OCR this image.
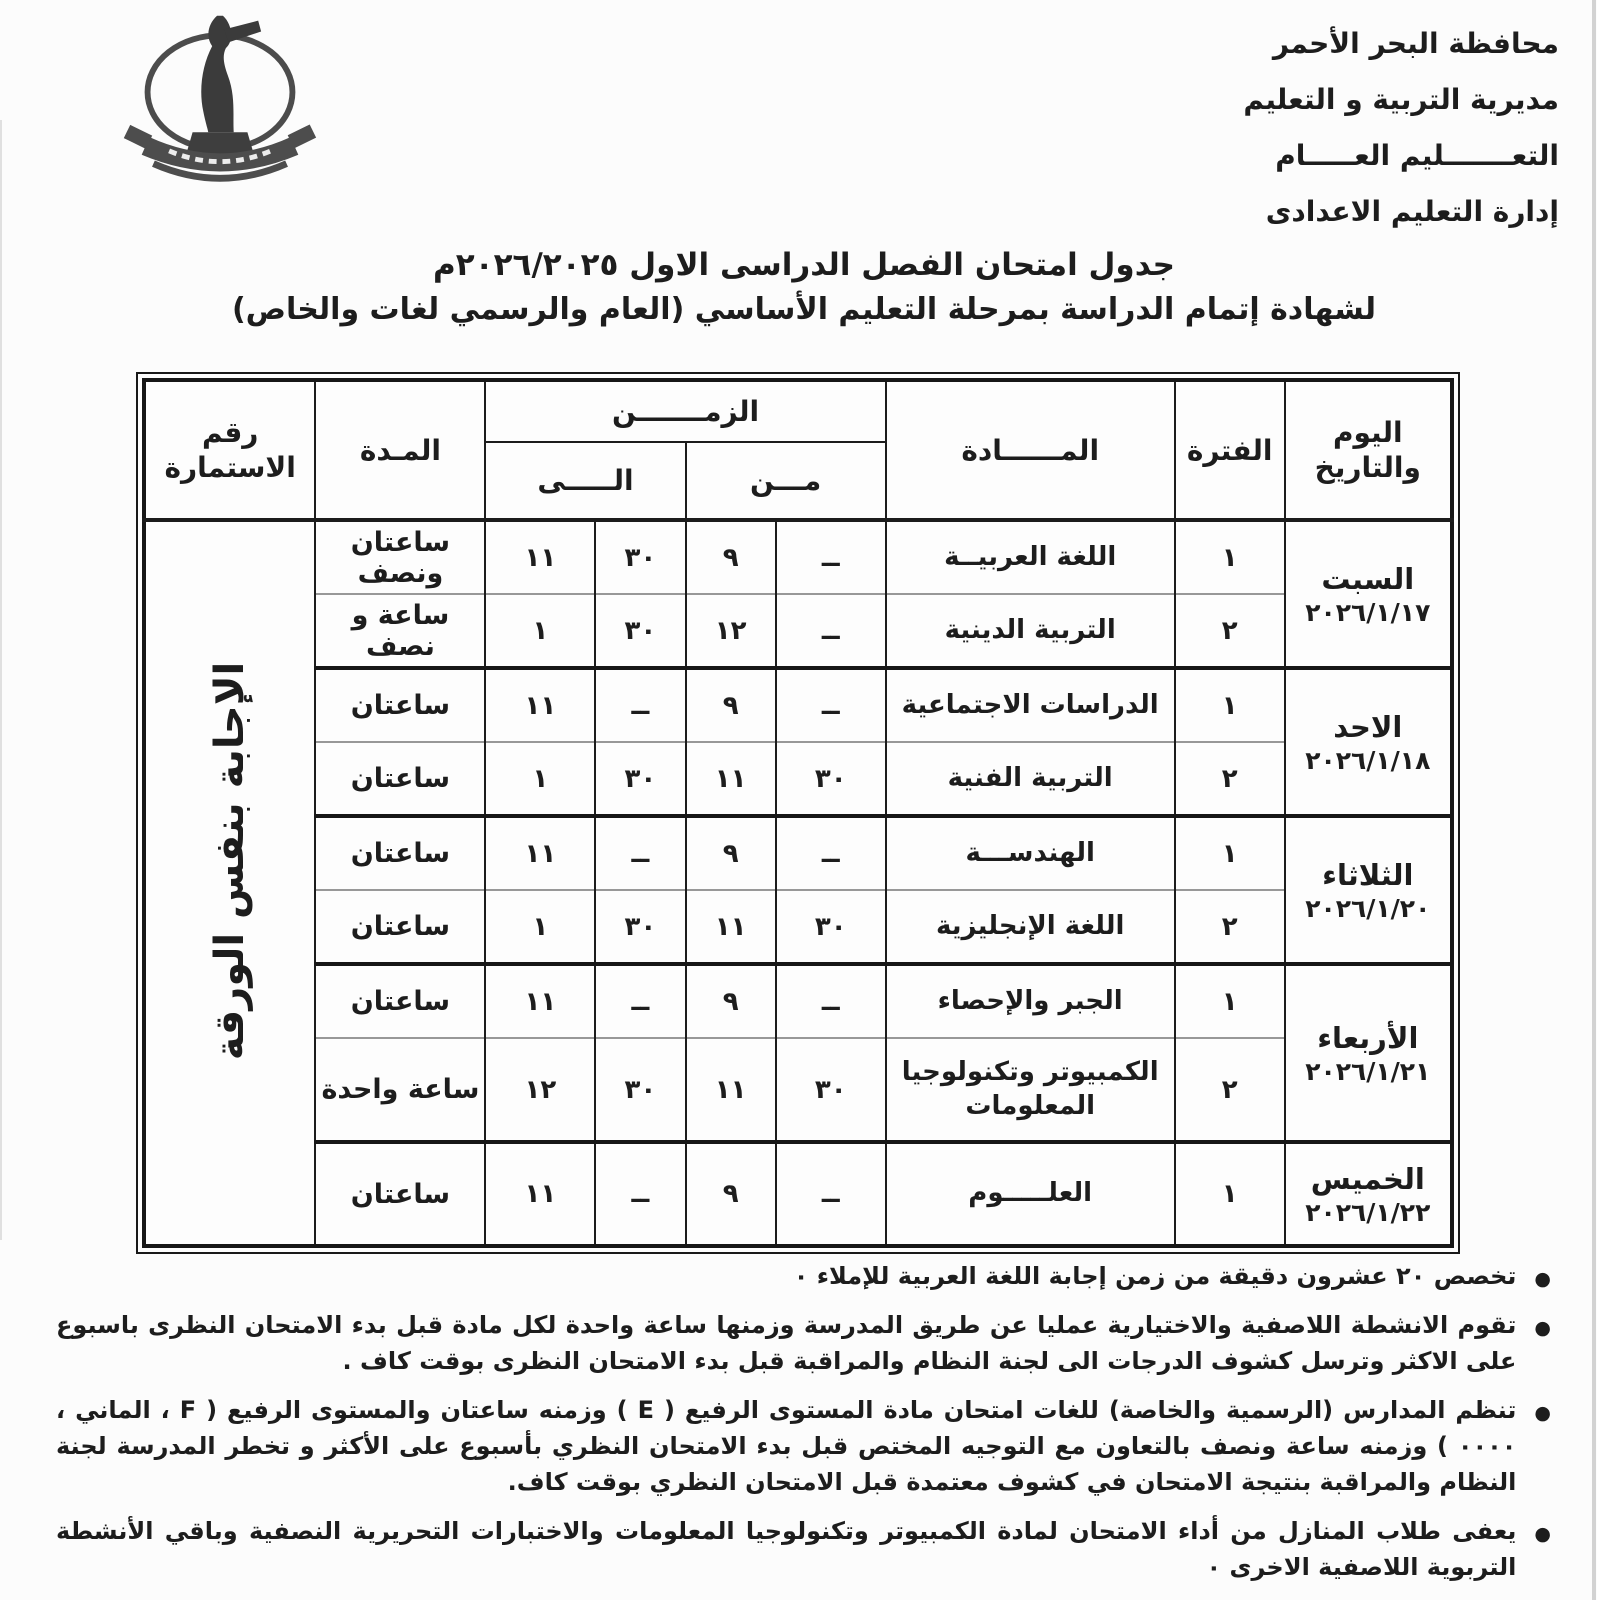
محافظة البحر الأحمر
مديرية التربية و التعليم
التعـــــــليم العـــــام
إدارة التعليم الاعدادى

جدول امتحان الفصل الدراسى الاول ٢٠٢٦/٢٠٢٥م

لشهادة إتمام الدراسة بمرحلة التعليم الأساسي (العام والرسمي لغات والخاص)

اليوم
والتاريخ
	الفترة	المــــــادة	الزمـــــــن	المـدة	
رقم
الاستمارة

			مـــن		الـــــى			

السبت
٢٠٢٦/١/١٧	١	اللغة العربيــة	ــ	٩	٣٠	١١	ساعتان ونصف	الإجابة بنفس الورقة

	٢	التربية الدينية	ــ	١٢	٣٠	١	ساعة و نصف	

الاحد
٢٠٢٦/١/١٨	١	الدراسات الاجتماعية	ــ	٩	ــ	١١	ساعتان	
	٢	التربية الفنية	٣٠	١١	٣٠	١	ساعتان	

الثلاثاء
٢٠٢٦/١/٢٠	١	الهندســـة	ــ	٩	ــ	١١	ساعتان	
	٢	اللغة الإنجليزية	٣٠	١١	٣٠	١	ساعتان	

الأربعاء
٢٠٢٦/١/٢١	١	الجبر والإحصاء	ــ	٩	ــ	١١	ساعتان	
	٢	الكمبيوتر وتكنولوجيا المعلومات	٣٠	١١	٣٠	١٢	ساعة واحدة	

الخميس
٢٠٢٦/١/٢٢	١	العلـــــوم	ــ	٩	ــ	١١	ساعتان	
●

تخصص ٢٠ عشرون دقيقة من زمن إجابة اللغة العربية للإملاء ٠

●

تقوم الانشطة اللاصفية والاختيارية عمليا عن طريق المدرسة وزمنها ساعة واحدة لكل مادة قبل بدء الامتحان النظرى باسبوع على الاكثر وترسل كشوف الدرجات الى لجنة النظام والمراقبة قبل بدء الامتحان النظرى بوقت كاف .

●

تنظم المدارس (الرسمية والخاصة) للغات امتحان مادة المستوى الرفيع ( E ) وزمنه ساعتان والمستوى الرفيع ( F ، الماني ، ٠٠٠٠ ) وزمنه ساعة ونصف بالتعاون مع التوجيه المختص قبل بدء الامتحان النظري بأسبوع على الأكثر و تخطر المدرسة لجنة النظام والمراقبة بنتيجة الامتحان في كشوف معتمدة قبل الامتحان النظري بوقت كاف.

●

يعفى طلاب المنازل من أداء الامتحان لمادة الكمبيوتر وتكنولوجيا المعلومات والاختبارات التحريرية النصفية وباقي الأنشطة التربوية اللاصفية الاخرى ٠
